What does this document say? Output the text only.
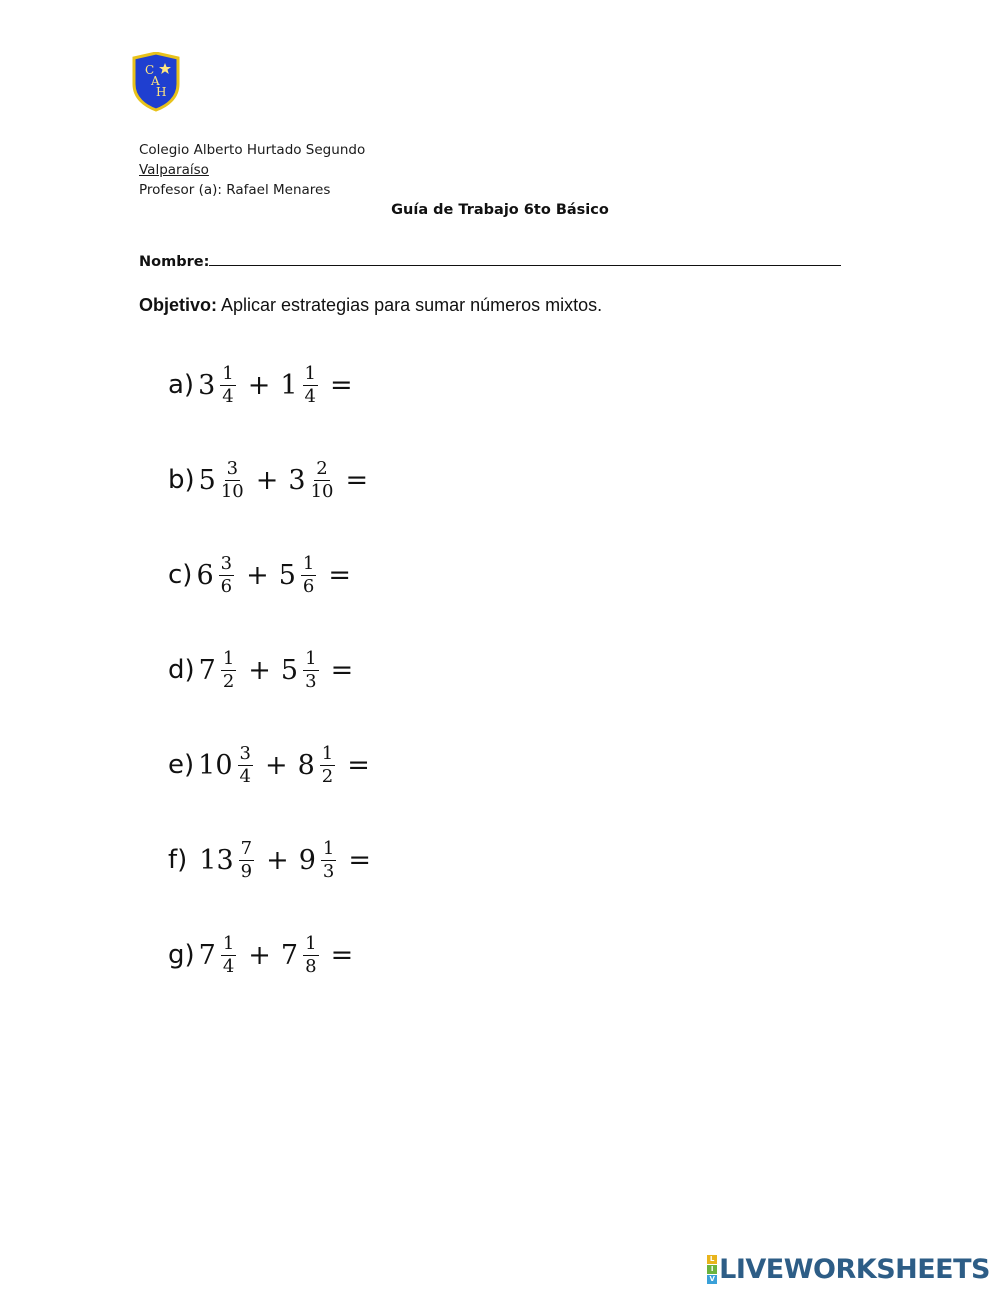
C
A
H
Colegio Alberto Hurtado Segundo
Valparaíso
Profesor (a): Rafael Menares
Guía de Trabajo 6to Básico
Nombre:
Objetivo: Aplicar estrategias para sumar números mixtos.
a) $3 \frac{1}{4} + 1 \frac{1}{4}$ =
b) $5 \frac{3}{10} + 3 \frac{2}{10}$ =
c) $6 \frac{3}{6} + 5 \frac{1}{6}$ =
d) $7 \frac{1}{2} + 5 \frac{1}{3}$ =
e) $10 \frac{3}{4} + 8 \frac{1}{2}$ =
f) $13 \frac{7}{9} + 9 \frac{1}{3}$ =
g) $7 \frac{1}{4} + 7 \frac{1}{8}$ =
L
I
V LIVEWORKSHEETS
